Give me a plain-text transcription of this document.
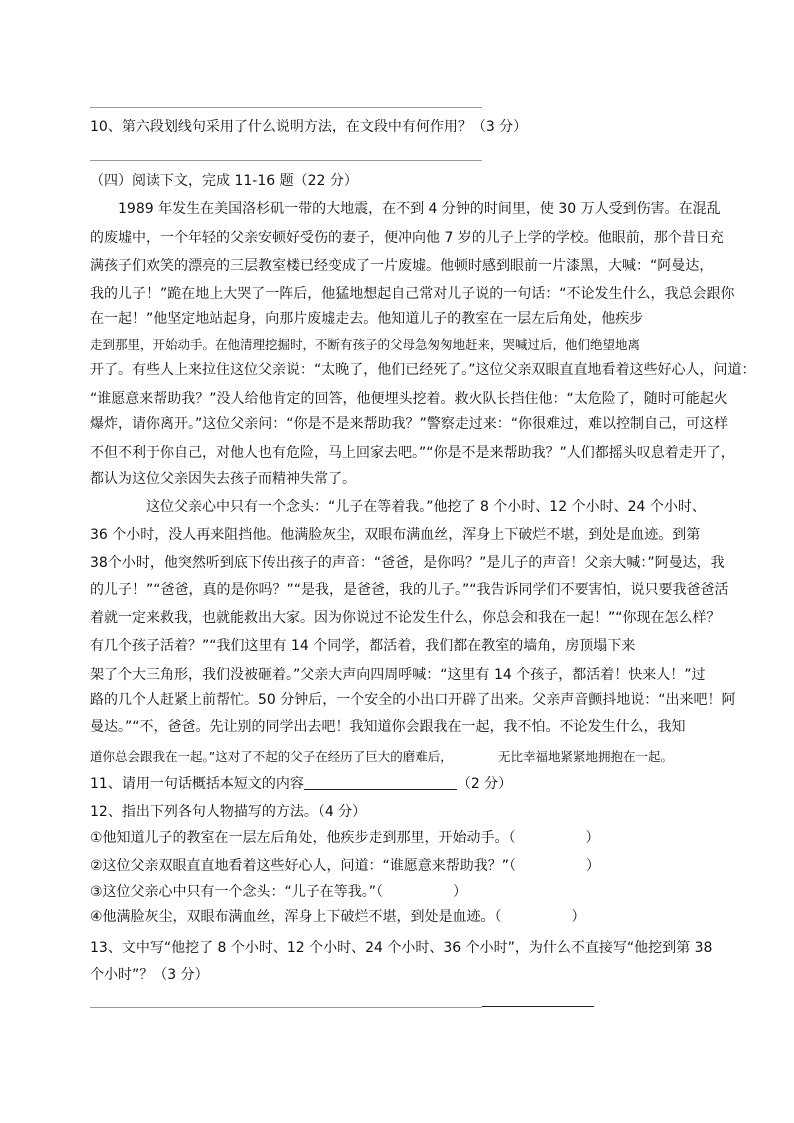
10、第六段划线句采用了什么说明方法，在文段中有何作用？（3 分）
（四）阅读下文，完成 11-16 题（22 分）
1989 年发生在美国洛杉矶一带的大地震，在不到 4 分钟的时间里，使 30 万人受到伤害。在混乱
的废墟中，一个年轻的父亲安顿好受伤的妻子，便冲向他 7 岁的儿子上学的学校。他眼前，那个昔日充
满孩子们欢笑的漂亮的三层教室楼已经变成了一片废墟。他顿时感到眼前一片漆黑，大喊：“阿曼达，
我的儿子！”跪在地上大哭了一阵后，他猛地想起自己常对儿子说的一句话：“不论发生什么，我总会跟你
在一起！”他坚定地站起身，向那片废墟走去。他知道儿子的教室在一层左后角处，他疾步
走到那里，开始动手。在他清理挖掘时，不断有孩子的父母急匆匆地赶来，哭喊过后，他们绝望地离
开了。有些人上来拉住这位父亲说：“太晚了，他们已经死了。”这位父亲双眼直直地看着这些好心人，问道：
“谁愿意来帮助我？”没人给他肯定的回答，他便埋头挖着。救火队长挡住他：“太危险了，随时可能起火
爆炸，请你离开。”这位父亲问：“你是不是来帮助我？”警察走过来：“你很难过，难以控制自己，可这样
不但不利于你自己，对他人也有危险，马上回家去吧。”“你是不是来帮助我？”人们都摇头叹息着走开了，
都认为这位父亲因失去孩子而精神失常了。
这位父亲心中只有一个念头：“儿子在等着我。”他挖了 8 个小时、12 个小时、24 个小时、
36 个小时，没人再来阻挡他。他满脸灰尘，双眼布满血丝，浑身上下破烂不堪，到处是血迹。到第
38个小时，他突然听到底下传出孩子的声音：“爸爸，是你吗？”是儿子的声音！父亲大喊：”阿曼达，我
的儿子！”“爸爸，真的是你吗？”“是我，是爸爸，我的儿子。”“我告诉同学们不要害怕，说只要我爸爸活
着就一定来救我，也就能救出大家。因为你说过不论发生什么，你总会和我在一起！”“你现在怎么样？
有几个孩子活着？”“我们这里有 14 个同学，都活着，我们都在教室的墙角，房顶塌下来
架了个大三角形，我们没被砸着。”父亲大声向四周呼喊：“这里有 14 个孩子，都活着！快来人！”过
路的几个人赶紧上前帮忙。50 分钟后，一个安全的小出口开辟了出来。父亲声音颤抖地说：“出来吧！阿
曼达。”“不，爸爸。先让别的同学出去吧！我知道你会跟我在一起，我不怕。不论发生什么，我知
道你总会跟我在一起。”这对了不起的父子在经历了巨大的磨难后，	无比幸福地紧紧地拥抱在一起。
11、请用一句话概括本短文的内容	（2 分）
12、指出下列各句人物描写的方法。（4 分）
①他知道儿子的教室在一层左后角处，他疾步走到那里，开始动手。（　　　　　）
②这位父亲双眼直直地看着这些好心人，问道：“谁愿意来帮助我？”（　　　　　）
③这位父亲心中只有一个念头：“儿子在等我。”（　　　　　）
④他满脸灰尘，双眼布满血丝，浑身上下破烂不堪，到处是血迹。（　　　　　）
13、文中写“他挖了 8 个小时、12 个小时、24 个小时、36 个小时”，为什么不直接写“他挖到第 38
个小时”？（3 分）
